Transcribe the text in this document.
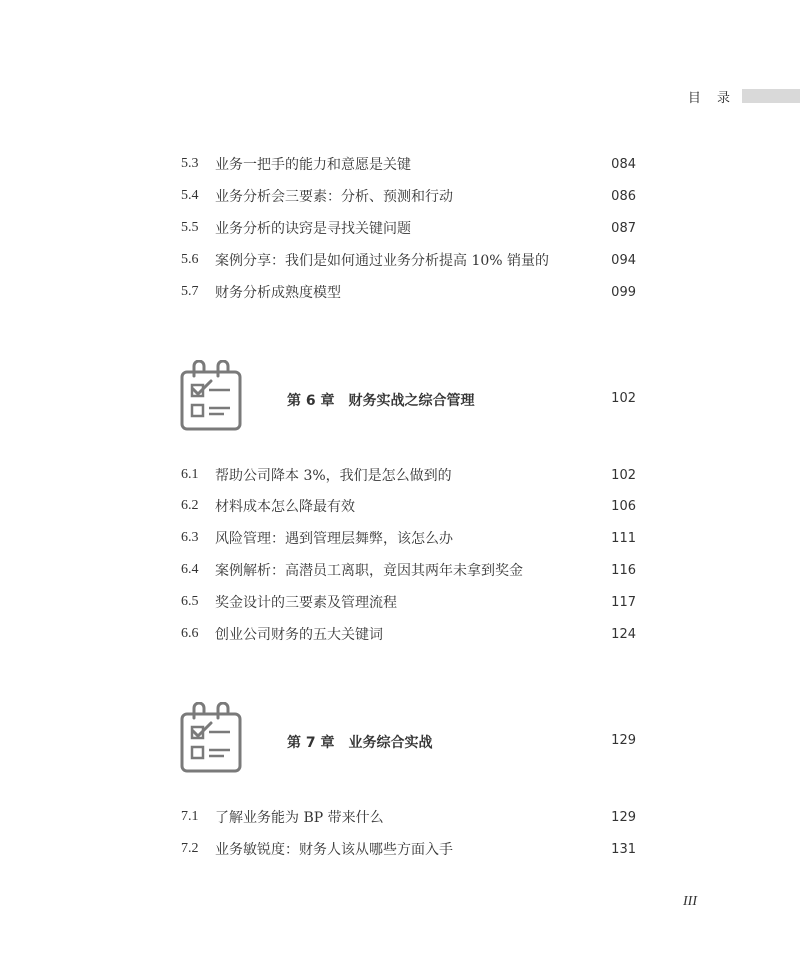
目 录
5.3	业务一把手的能力和意愿是关键	084
5.4	业务分析会三要素：分析、预测和行动	086
5.5	业务分析的诀窍是寻找关键问题	087
5.6	案例分享：我们是如何通过业务分析提高 10% 销量的	094
5.7	财务分析成熟度模型	099
第 6 章　财务实战之综合管理	102
6.1	帮助公司降本 3%，我们是怎么做到的	102
6.2	材料成本怎么降最有效	106
6.3	风险管理：遇到管理层舞弊，该怎么办	111
6.4	案例解析：高潜员工离职，竟因其两年未拿到奖金	116
6.5	奖金设计的三要素及管理流程	117
6.6	创业公司财务的五大关键词	124
第 7 章　业务综合实战	129
7.1	了解业务能为 BP 带来什么	129
7.2	业务敏锐度：财务人该从哪些方面入手	131
III
